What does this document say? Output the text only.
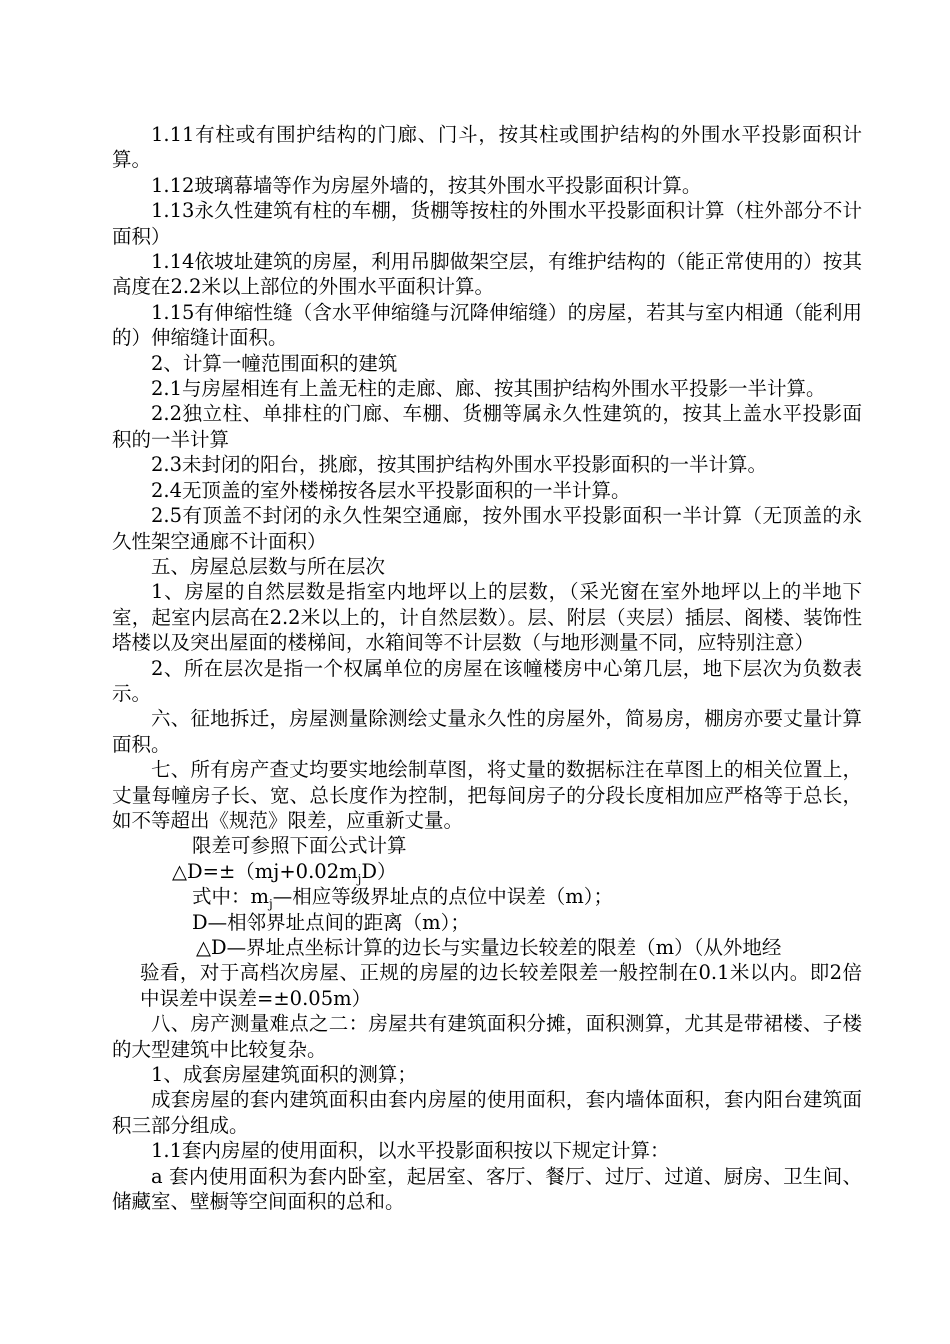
1.11有柱或有围护结构的门廊、门斗，按其柱或围护结构的外围水平投影面积计算。

1.12玻璃幕墙等作为房屋外墙的，按其外围水平投影面积计算。

1.13永久性建筑有柱的车棚，货棚等按柱的外围水平投影面积计算（柱外部分不计面积）

1.14依坡址建筑的房屋，利用吊脚做架空层，有维护结构的（能正常使用的）按其高度在2.2米以上部位的外围水平面积计算。

1.15有伸缩性缝（含水平伸缩缝与沉降伸缩缝）的房屋，若其与室内相通（能利用的）伸缩缝计面积。

2、计算一幢范围面积的建筑

2.1与房屋相连有上盖无柱的走廊、廊、按其围护结构外围水平投影一半计算。

2.2独立柱、单排柱的门廊、车棚、货棚等属永久性建筑的，按其上盖水平投影面积的一半计算

2.3未封闭的阳台，挑廊，按其围护结构外围水平投影面积的一半计算。

2.4无顶盖的室外楼梯按各层水平投影面积的一半计算。

2.5有顶盖不封闭的永久性架空通廊，按外围水平投影面积一半计算（无顶盖的永久性架空通廊不计面积）

五、房屋总层数与所在层次

1、房屋的自然层数是指室内地坪以上的层数，（采光窗在室外地坪以上的半地下室，起室内层高在2.2米以上的，计自然层数）。层、附层（夹层）插层、阁楼、装饰性塔楼以及突出屋面的楼梯间，水箱间等不计层数（与地形测量不同，应特别注意）

2、所在层次是指一个权属单位的房屋在该幢楼房中心第几层，地下层次为负数表示。

六、征地拆迁，房屋测量除测绘丈量永久性的房屋外，简易房，棚房亦要丈量计算面积。

七、所有房产查丈均要实地绘制草图，将丈量的数据标注在草图上的相关位置上，丈量每幢房子长、宽、总长度作为控制，把每间房子的分段长度相加应严格等于总长，如不等超出《规范》限差，应重新丈量。

限差可参照下面公式计算

$\triangle D=\pm(mj+0.02m_jD)$

式中：$m_j—$相应等级界址点的点位中误差（m）；

D—相邻界址点间的距离（m）；

△D—界址点坐标计算的边长与实量边长较差的限差（m）（从外地经
验看，对于高档次房屋、正规的房屋的边长较差限差一般控制在0.1米以内。即2倍中误差中误差=±0.05m）

八、房产测量难点之二：房屋共有建筑面积分摊，面积测算，尤其是带裙楼、子楼的大型建筑中比较复杂。

1、成套房屋建筑面积的测算；

成套房屋的套内建筑面积由套内房屋的使用面积，套内墙体面积，套内阳台建筑面积三部分组成。

1.1套内房屋的使用面积，以水平投影面积按以下规定计算：

a 套内使用面积为套内卧室，起居室、客厅、餐厅、过厅、过道、厨房、卫生间、储藏室、壁橱等空间面积的总和。
